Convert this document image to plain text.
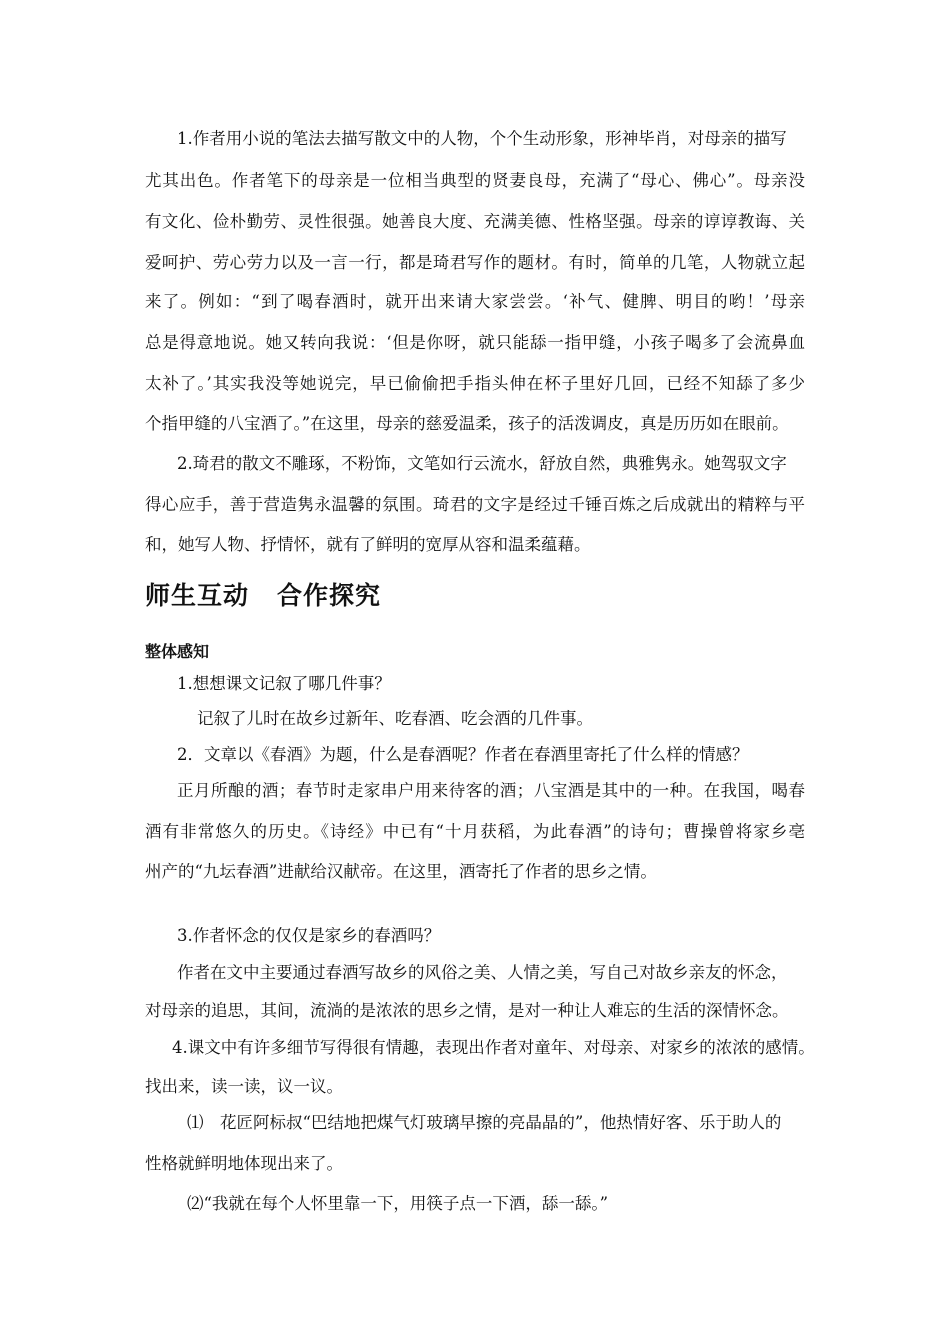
1.作者用小说的笔法去描写散文中的人物，个个生动形象，形神毕肖，对母亲的描写
尤其出色。作者笔下的母亲是一位相当典型的贤妻良母，充满了“母心、佛心”。母亲没
有文化、俭朴勤劳、灵性很强。她善良大度、充满美德、性格坚强。母亲的谆谆教诲、关
爱呵护、劳心劳力以及一言一行，都是琦君写作的题材。有时，简单的几笔，人物就立起
来了。例如：“到了喝春酒时，就开出来请大家尝尝。‘补气、健脾、明目的哟！’母亲
总是得意地说。她又转向我说：‘但是你呀，就只能舔一指甲缝，小孩子喝多了会流鼻血
太补了。’其实我没等她说完，早已偷偷把手指头伸在杯子里好几回，已经不知舔了多少
个指甲缝的八宝酒了。”在这里，母亲的慈爱温柔，孩子的活泼调皮，真是历历如在眼前。
2.琦君的散文不雕琢，不粉饰，文笔如行云流水，舒放自然，典雅隽永。她驾驭文字
得心应手，善于营造隽永温馨的氛围。琦君的文字是经过千锤百炼之后成就出的精粹与平
和，她写人物、抒情怀，就有了鲜明的宽厚从容和温柔蕴藉。
师生互动 合作探究
整体感知
1.想想课文记叙了哪几件事？
记叙了儿时在故乡过新年、吃春酒、吃会酒的几件事。
2．文章以《春酒》为题，什么是春酒呢？作者在春酒里寄托了什么样的情感？
正月所酿的酒；春节时走家串户用来待客的酒；八宝酒是其中的一种。在我国，喝春
酒有非常悠久的历史。《诗经》中已有“十月获稻，为此春酒”的诗句；曹操曾将家乡亳
州产的“九坛春酒”进献给汉献帝。在这里，酒寄托了作者的思乡之情。
3.作者怀念的仅仅是家乡的春酒吗？
作者在文中主要通过春酒写故乡的风俗之美、人情之美，写自己对故乡亲友的怀念，
对母亲的追思，其间，流淌的是浓浓的思乡之情，是对一种让人难忘的生活的深情怀念。
4.课文中有许多细节写得很有情趣，表现出作者对童年、对母亲、对家乡的浓浓的感情。
找出来，读一读，议一议。
⑴　花匠阿标叔“巴结地把煤气灯玻璃早擦的亮晶晶的”，他热情好客、乐于助人的
性格就鲜明地体现出来了。
⑵“我就在每个人怀里靠一下，用筷子点一下酒，舔一舔。”
